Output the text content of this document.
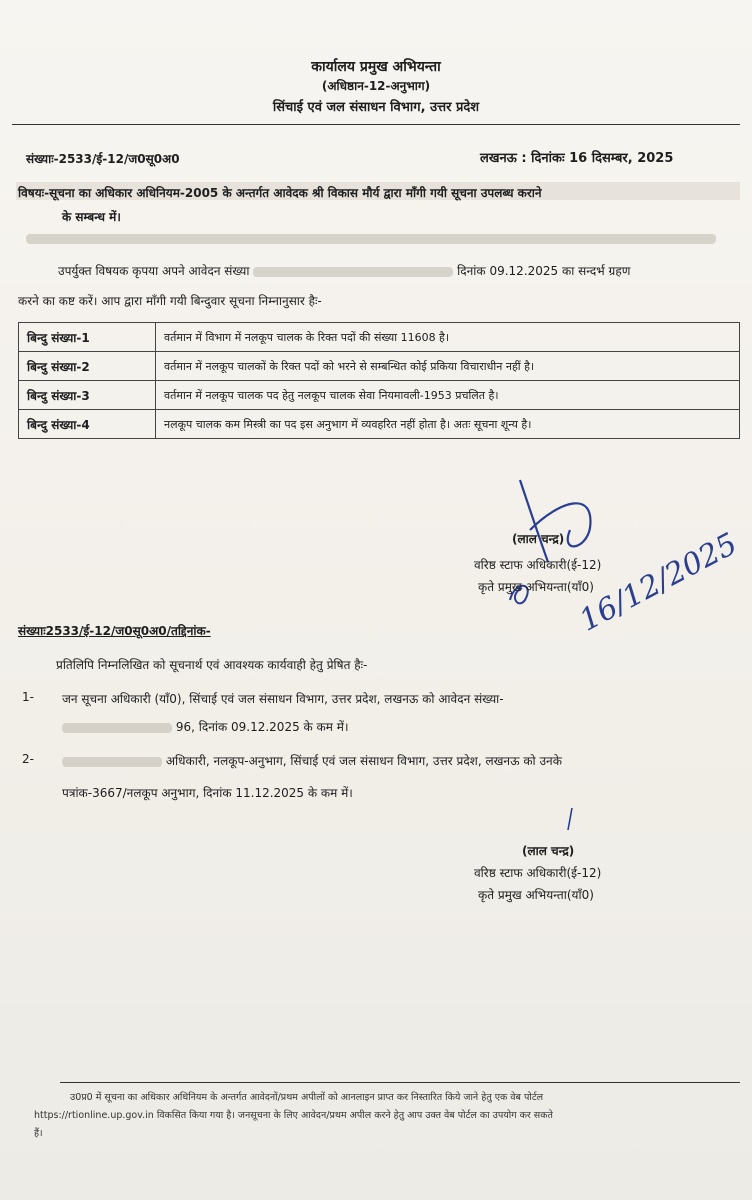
कार्यालय प्रमुख अभियन्ता
(अधिष्ठान-12-अनुभाग)
सिंचाई एवं जल संसाधन विभाग, उत्तर प्रदेश
संख्याः-2533/ई-12/ज0सू0अ0	लखनऊ : दिनांकः 16 दिसम्बर, 2025
विषयः-सूचना का अधिकार अधिनियम-2005 के अन्तर्गत आवेदक श्री विकास मौर्य द्वारा माँगी गयी सूचना उपलब्ध कराने
के सम्बन्ध में।
उपर्युक्त विषयक कृपया अपने आवेदन संख्या	दिनांक 09.12.2025 का सन्दर्भ ग्रहण
करने का कष्ट करें। आप द्वारा माँगी गयी बिन्दुवार सूचना निम्नानुसार हैः-
बिन्दु संख्या-1	वर्तमान में विभाग में नलकूप चालक के रिक्त पदों की संख्या 11608 है।
बिन्दु संख्या-2	वर्तमान में नलकूप चालकों के रिक्त पदों को भरने से सम्बन्धित कोई प्रकिया विचाराधीन नहीं है।
बिन्दु संख्या-3	वर्तमान में नलकूप चालक पद हेतु नलकूप चालक सेवा नियमावली-1953 प्रचलित है।
बिन्दु संख्या-4	नलकूप चालक कम मिस्त्री का पद इस अनुभाग में व्यवहरित नहीं होता है। अतः सूचना शून्य है।
16/12/2025
(लाल चन्द्र)
वरिष्ठ स्टाफ अधिकारी(ई-12)
कृते प्रमुख अभियन्ता(याँ0)
संख्याः2533/ई-12/ज0सू0अ0/तद्दिनांक-
प्रतिलिपि निम्नलिखित को सूचनार्थ एवं आवश्यक कार्यवाही हेतु प्रेषित हैः-
1- जन सूचना अधिकारी (याँ0), सिंचाई एवं जल संसाधन विभाग, उत्तर प्रदेश, लखनऊ को आवेदन संख्या-
96, दिनांक 09.12.2025 के कम में।
2-	अधिकारी, नलकूप-अनुभाग, सिंचाई एवं जल संसाधन विभाग, उत्तर प्रदेश, लखनऊ को उनके
पत्रांक-3667/नलकूप अनुभाग, दिनांक 11.12.2025 के कम में।
(लाल चन्द्र)
वरिष्ठ स्टाफ अधिकारी(ई-12)
कृते प्रमुख अभियन्ता(याँ0)
उ0प्र0 में सूचना का अधिकार अधिनियम के अन्तर्गत आवेदनों/प्रथम अपीलों को आनलाइन प्राप्त कर निस्तारित किये जाने हेतु एक वेब पोर्टल
https://rtionline.up.gov.in विकसित किया गया है। जनसूचना के लिए आवेदन/प्रथम अपील करने हेतु आप उक्त वेब पोर्टल का उपयोग कर सकते
हैं।
